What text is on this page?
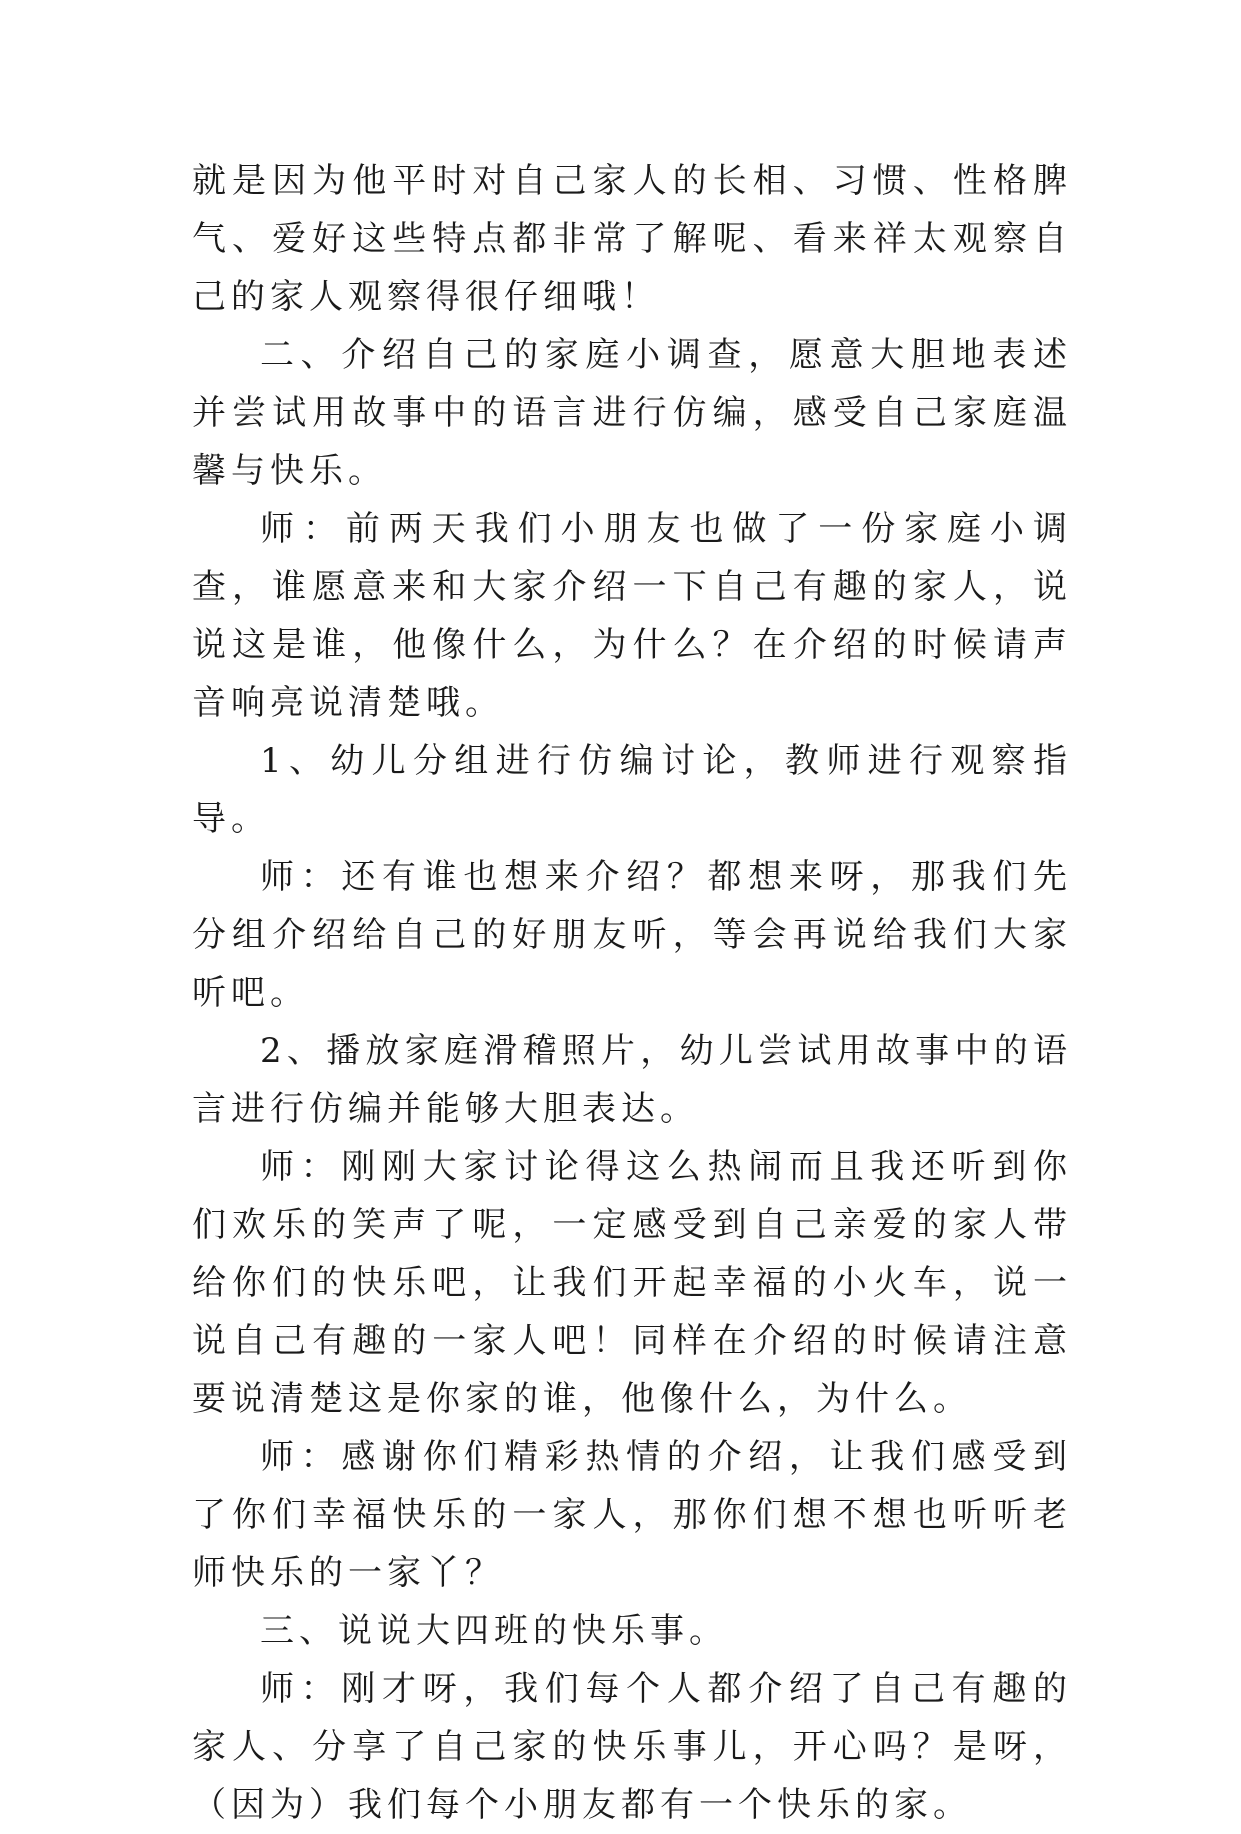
就是因为他平时对自己家人的长相、习惯、性格脾气、爱好这些特点都非常了解呢、看来祥太观察自己的家人观察得很仔细哦！

二、介绍自己的家庭小调查，愿意大胆地表述并尝试用故事中的语言进行仿编，感受自己家庭温馨与快乐。

师：前两天我们小朋友也做了一份家庭小调查，谁愿意来和大家介绍一下自己有趣的家人，说说这是谁，他像什么，为什么？在介绍的时候请声音响亮说清楚哦。

1、幼儿分组进行仿编讨论，教师进行观察指导。

师：还有谁也想来介绍？都想来呀，那我们先分组介绍给自己的好朋友听，等会再说给我们大家听吧。

2、播放家庭滑稽照片，幼儿尝试用故事中的语言进行仿编并能够大胆表达。

师：刚刚大家讨论得这么热闹而且我还听到你们欢乐的笑声了呢，一定感受到自己亲爱的家人带给你们的快乐吧，让我们开起幸福的小火车，说一说自己有趣的一家人吧！同样在介绍的时候请注意要说清楚这是你家的谁，他像什么，为什么。

师：感谢你们精彩热情的介绍，让我们感受到了你们幸福快乐的一家人，那你们想不想也听听老师快乐的一家丫？

三、说说大四班的快乐事。

师：刚才呀，我们每个人都介绍了自己有趣的家人、分享了自己家的快乐事儿，开心吗？是呀，（因为）我们每个小朋友都有一个快乐的家。
